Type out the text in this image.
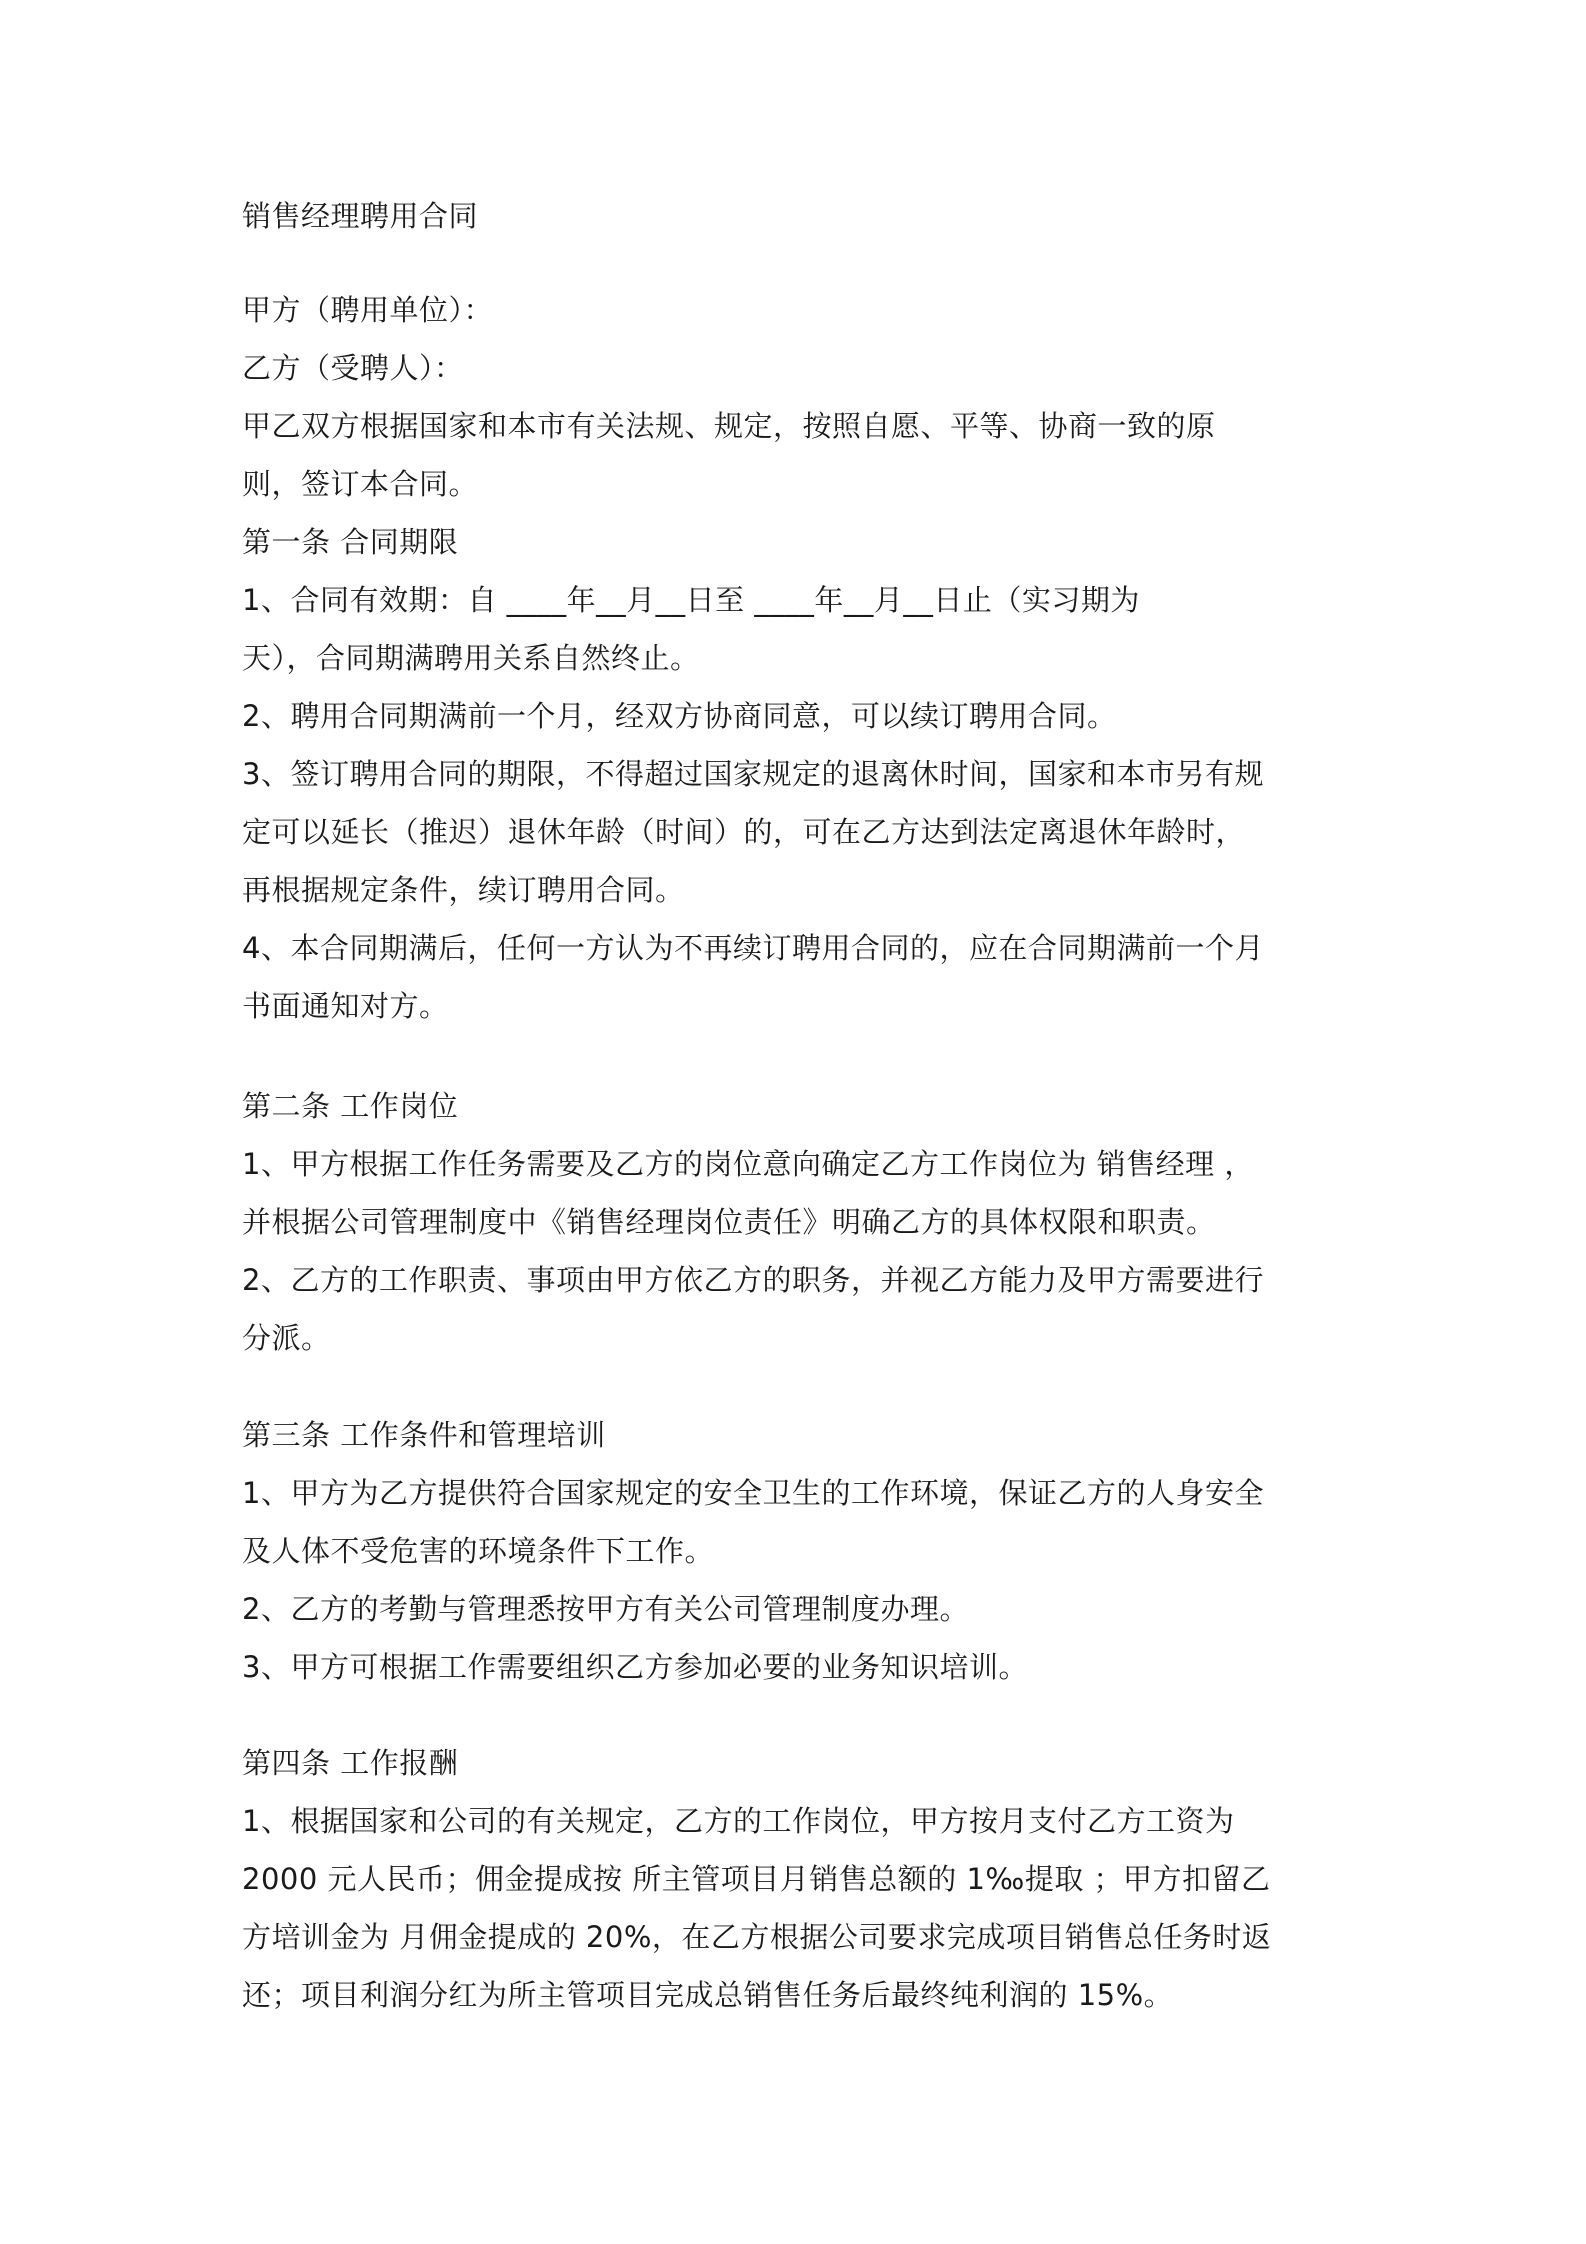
销售经理聘用合同
甲方（聘用单位）：
乙方（受聘人）：
甲乙双方根据国家和本市有关法规、规定，按照自愿、平等、协商一致的原
则，签订本合同。
第一条 合同期限
1、合同有效期：自 ____年__月__日至 ____年__月__日止（实习期为
天），合同期满聘用关系自然终止。
2、聘用合同期满前一个月，经双方协商同意，可以续订聘用合同。
3、签订聘用合同的期限，不得超过国家规定的退离休时间，国家和本市另有规
定可以延长（推迟）退休年龄（时间）的，可在乙方达到法定离退休年龄时，
再根据规定条件，续订聘用合同。
4、本合同期满后，任何一方认为不再续订聘用合同的，应在合同期满前一个月
书面通知对方。
第二条 工作岗位
1、甲方根据工作任务需要及乙方的岗位意向确定乙方工作岗位为 销售经理 ，
并根据公司管理制度中《销售经理岗位责任》明确乙方的具体权限和职责。
2、乙方的工作职责、事项由甲方依乙方的职务，并视乙方能力及甲方需要进行
分派。
第三条 工作条件和管理培训
1、甲方为乙方提供符合国家规定的安全卫生的工作环境，保证乙方的人身安全
及人体不受危害的环境条件下工作。
2、乙方的考勤与管理悉按甲方有关公司管理制度办理。
3、甲方可根据工作需要组织乙方参加必要的业务知识培训。
第四条 工作报酬
1、根据国家和公司的有关规定，乙方的工作岗位，甲方按月支付乙方工资为
2000 元人民币；佣金提成按 所主管项目月销售总额的 1‰提取 ；甲方扣留乙
方培训金为 月佣金提成的 20%，在乙方根据公司要求完成项目销售总任务时返
还；项目利润分红为所主管项目完成总销售任务后最终纯利润的 15%。
